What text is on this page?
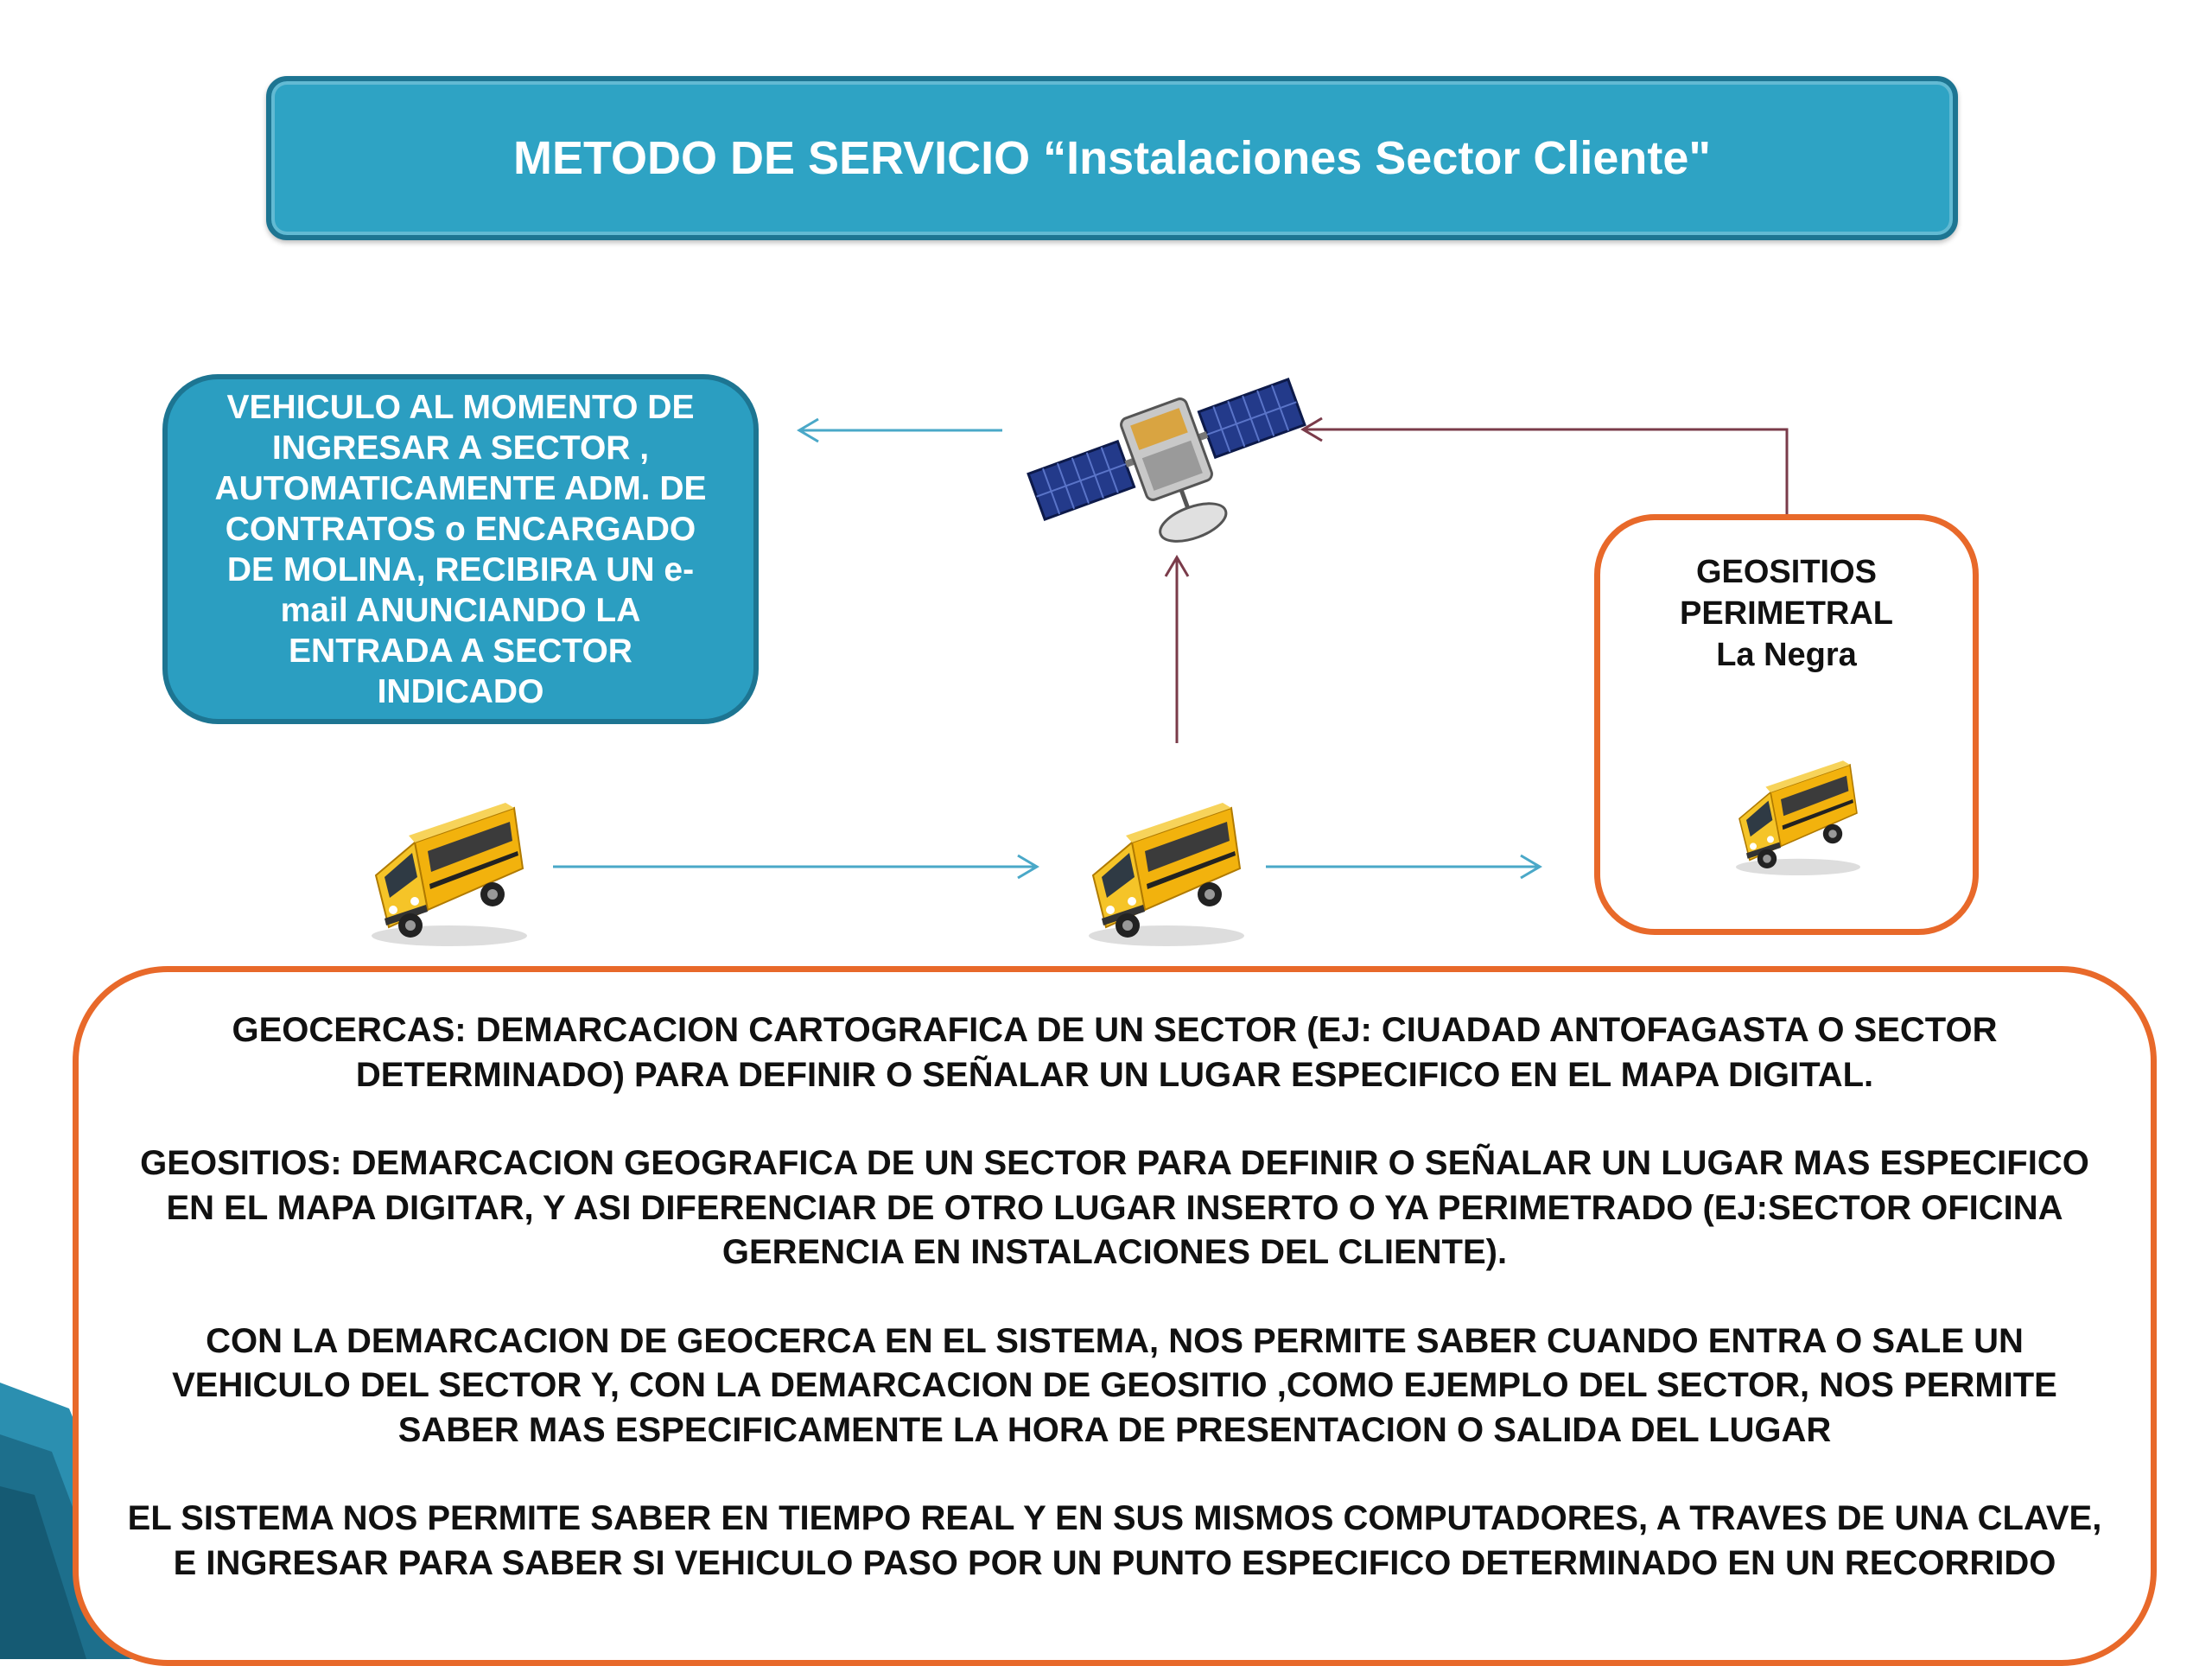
METODO DE SERVICIO “Instalaciones Sector Cliente"
VEHICULO AL MOMENTO DE
INGRESAR A SECTOR ,
AUTOMATICAMENTE ADM. DE
CONTRATOS o ENCARGADO
DE MOLINA, RECIBIRA UN e-
mail ANUNCIANDO LA
ENTRADA A SECTOR
INDICADO
GEOSITIOS
PERIMETRAL
La Negra

GEOCERCAS: DEMARCACION CARTOGRAFICA DE UN SECTOR (EJ: CIUADAD ANTOFAGASTA O SECTOR DETERMINADO) PARA DEFINIR O SEÑALAR UN LUGAR ESPECIFICO EN EL MAPA DIGITAL.

GEOSITIOS: DEMARCACION GEOGRAFICA DE UN SECTOR PARA DEFINIR O SEÑALAR UN LUGAR MAS ESPECIFICO EN EL MAPA DIGITAR, Y ASI DIFERENCIAR DE OTRO LUGAR INSERTO O YA PERIMETRADO (EJ:SECTOR OFICINA GERENCIA EN INSTALACIONES DEL CLIENTE).

CON LA DEMARCACION DE GEOCERCA EN EL SISTEMA, NOS PERMITE SABER CUANDO ENTRA O SALE UN VEHICULO DEL SECTOR Y, CON LA DEMARCACION DE GEOSITIO ,COMO EJEMPLO DEL SECTOR, NOS PERMITE SABER MAS ESPECIFICAMENTE LA HORA DE PRESENTACION O SALIDA DEL LUGAR

EL SISTEMA NOS PERMITE SABER EN TIEMPO REAL Y EN SUS MISMOS COMPUTADORES, A TRAVES DE UNA CLAVE, E INGRESAR PARA SABER SI VEHICULO PASO POR UN PUNTO ESPECIFICO DETERMINADO EN UN RECORRIDO
